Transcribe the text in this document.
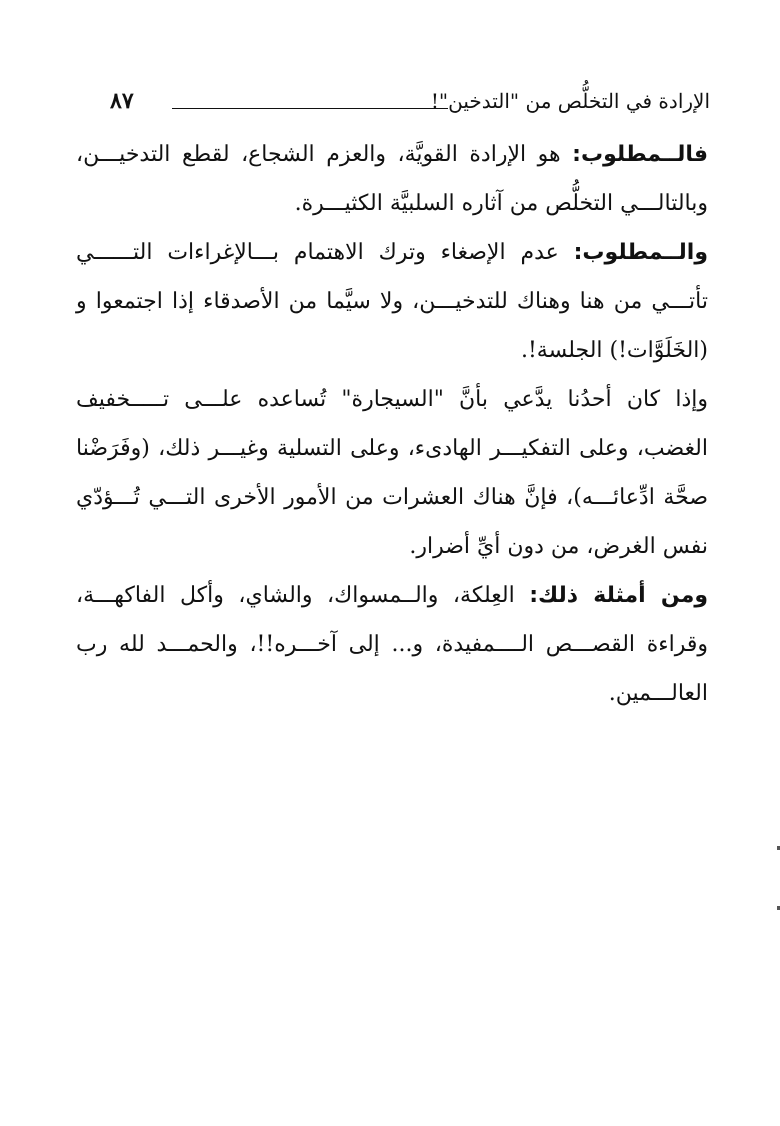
الإرادة في التخلُّص من "التدخين"!
٨٧

فالــمطلوب: هو الإرادة القويَّة، والعزم الشجاع، لقطع التدخيـــن، وبالتالـــي التخلُّص من آثاره السلبيَّة الكثيـــرة.

والــمطلوب: عدم الإصغاء وترك الاهتمام بـــالإغراءات التــــــي تأتـــي من هنا وهناك للتدخيـــن، ولا سيَّما من الأصدقاء إذا اجتمعوا و (الخَلَوَّات!) الجلسة!.

وإذا كان أحدُنا يدَّعي بأنَّ "السيجارة" تُساعده علـــى تـــــخفيف الغضب، وعلى التفكيـــر الهادىء، وعلى التسلية وغيـــر ذلك، (وفَرَضْنا صحَّة ادِّعائـــه)، فإنَّ هناك العشرات من الأمور الأخرى التـــي تُـــؤدّي نفس الغرض، من دون أيِّ أضرار.

ومن أمثلة ذلك: العِلكة، والــمسواك، والشاي، وأكل الفاكهـــة، وقراءة القصـــص الــــمفيدة، و... إلى آخـــره!!، والحمـــد لله رب العالـــمين.
